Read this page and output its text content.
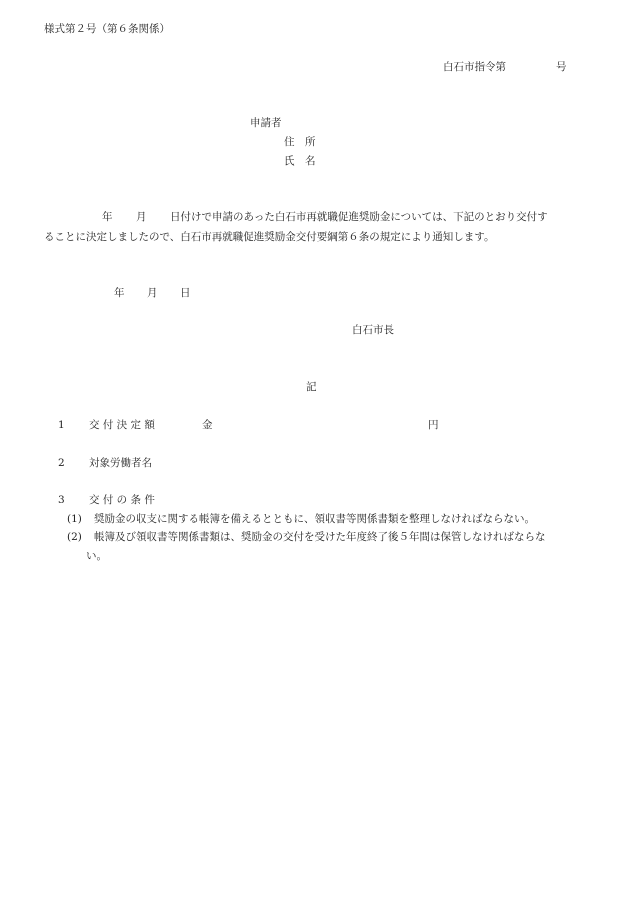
様式第２号（第６条関係）
白石市指令第	号
申請者
住　所
氏　名
年 月 日付けで申請のあった白石市再就職促進奨励金については、下記のとおり交付す
ることに決定しましたので、白石市再就職促進奨励金交付要綱第６条の規定により通知します。
年 月 日
白石市長
記
1 交 付 決 定 額	金	円
2 対象労働者名
3 交 付 の 条 件
(1) 奨励金の収支に関する帳簿を備えるとともに、領収書等関係書類を整理しなければならない。
(2) 帳簿及び領収書等関係書類は、奨励金の交付を受けた年度終了後５年間は保管しなければならな
い。
